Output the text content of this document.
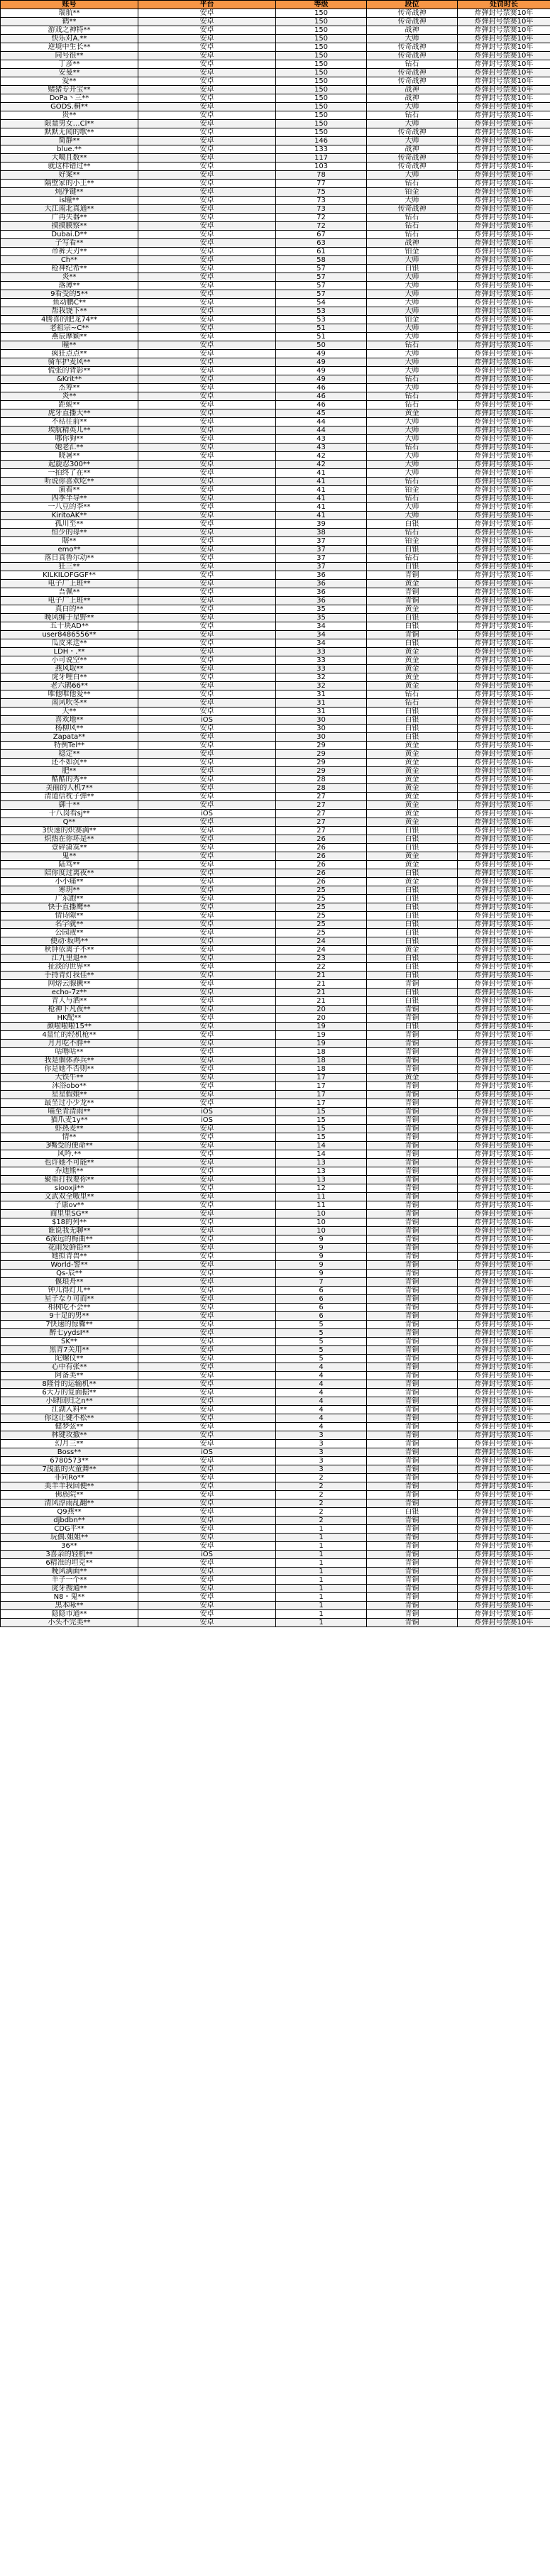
账号	平台	等级	段位	处罚时长
瑞航**	安卓	150	传奇战神	炸弹封号禁赛10年
鹤**	安卓	150	传奇战神	炸弹封号禁赛10年
游戏之神特**	安卓	150	战神	炸弹封号禁赛10年
快乐对A.**	安卓	150	大师	炸弹封号禁赛10年
逆境中生长**	安卓	150	传奇战神	炸弹封号禁赛10年
同号很**	安卓	150	传奇战神	炸弹封号禁赛10年
丁彦**	安卓	150	钻石	炸弹封号禁赛10年
安曼**	安卓	150	传奇战神	炸弹封号禁赛10年
爱**	安卓	150	传奇战神	炸弹封号禁赛10年
赌猪专开宝**	安卓	150	战神	炸弹封号禁赛10年
DoPa丶三**	安卓	150	战神	炸弹封号禁赛10年
GODS.桐**	安卓	150	大师	炸弹封号禁赛10年
贵**	安卓	150	钻石	炸弹封号禁赛10年
限量男女…Cl**	安卓	150	大师	炸弹封号禁赛10年
默默无闻的歌**	安卓	150	传奇战神	炸弹封号禁赛10年
简静**	安卓	146	大师	炸弹封号禁赛10年
blue.**	安卓	133	战神	炸弹封号禁赛10年
大噶且数**	安卓	117	传奇战神	炸弹封号禁赛10年
就这样错过**	安卓	103	传奇战神	炸弹封号禁赛10年
好案**	安卓	78	大师	炸弹封号禁赛10年
隔壁家的小王**	安卓	77	钻石	炸弹封号禁赛10年
炖净键**	安卓	75	铂金	炸弹封号禁赛10年
is瞳**	安卓	73	大师	炸弹封号禁赛10年
大江南北真通**	安卓	73	传奇战神	炸弹封号禁赛10年
广再失器**	安卓	72	钻石	炸弹封号禁赛10年
摸摸膜察**	安卓	72	钻石	炸弹封号禁赛10年
Dubai.D**	安卓	67	钻石	炸弹封号禁赛10年
子写看**	安卓	63	战神	炸弹封号禁赛10年
帝裤天刃**	安卓	61	铂金	炸弹封号禁赛10年
Ch**	安卓	58	大师	炸弹封号禁赛10年
枪神纪希**	安卓	57	白银	炸弹封号禁赛10年
炎**	安卓	57	大师	炸弹封号禁赛10年
落薄**	安卓	57	大师	炸弹封号禁赛10年
9看受的5**	安卓	57	大师	炸弹封号禁赛10年
鱼动鹏C**	安卓	54	大师	炸弹封号禁赛10年
帮我饶下**	安卓	53	大师	炸弹封号禁赛10年
4腾喜的肥龙74**	安卓	53	铂金	炸弹封号禁赛10年
老祖宗~C**	安卓	51	大师	炸弹封号禁赛10年
燕辰摩颖**	安卓	51	大师	炸弹封号禁赛10年
瞳**	安卓	50	钻石	炸弹封号禁赛10年
疯狂点点**	安卓	49	大师	炸弹封号禁赛10年
骑车护麦风**	安卓	49	大师	炸弹封号禁赛10年
慌张的背影**	安卓	49	大师	炸弹封号禁赛10年
&Krit**	安卓	49	钻石	炸弹封号禁赛10年
杰筹**	安卓	46	大师	炸弹封号禁赛10年
炎**	安卓	46	钻石	炸弹封号禁赛10年
距蜕**	安卓	46	钻石	炸弹封号禁赛10年
虎牙直播大**	安卓	45	黄金	炸弹封号禁赛10年
不枯往前**	安卓	44	大师	炸弹封号禁赛10年
埃航精英儿**	安卓	44	大师	炸弹封号禁赛10年
哪你狗**	安卓	43	大师	炸弹封号禁赛10年
她老汇**	安卓	43	钻石	炸弹封号禁赛10年
晓暑**	安卓	42	大师	炸弹封号禁赛10年
起旋忍300**	安卓	42	大师	炸弹封号禁赛10年
一拍终了在**	安卓	41	大师	炸弹封号禁赛10年
听说你喜欢吃**	安卓	41	钻石	炸弹封号禁赛10年
演着**	安卓	41	铂金	炸弹封号禁赛10年
四季半导**	安卓	41	钻石	炸弹封号禁赛10年
一八豆的李**	安卓	41	大师	炸弹封号禁赛10年
KiritoAK**	安卓	41	大师	炸弹封号禁赛10年
孤川至**	安卓	39	白银	炸弹封号禁赛10年
恒少的母**	安卓	38	钻石	炸弹封号禁赛10年
瞎**	安卓	37	铂金	炸弹封号禁赛10年
emo**	安卓	37	白银	炸弹封号禁赛10年
落日真鲁尔动**	安卓	37	钻石	炸弹封号禁赛10年
狂三**	安卓	37	白银	炸弹封号禁赛10年
KILKILOFGGF**	安卓	36	青铜	炸弹封号禁赛10年
电子厂上班**	安卓	36	黄金	炸弹封号禁赛10年
吾佩**	安卓	36	青铜	炸弹封号禁赛10年
电子厂上班**	安卓	36	青铜	炸弹封号禁赛10年
真白的**	安卓	35	黄金	炸弹封号禁赛10年
晚风缠于星野**	安卓	35	白银	炸弹封号禁赛10年
五十块AD**	安卓	34	白银	炸弹封号禁赛10年
user8486556**	安卓	34	青铜	炸弹封号禁赛10年
瓜皮来送**	安卓	34	白银	炸弹封号禁赛10年
LDH・.**	安卓	33	黄金	炸弹封号禁赛10年
小可说空**	安卓	33	黄金	炸弹封号禁赛10年
燕风取**	安卓	33	黄金	炸弹封号禁赛10年
虎牙哩白**	安卓	32	黄金	炸弹封号禁赛10年
老六鹃66**	安卓	32	黄金	炸弹封号禁赛10年
唯他唯他爱**	安卓	31	钻石	炸弹封号禁赛10年
南风吹冬**	安卓	31	钻石	炸弹封号禁赛10年
天**	安卓	31	白银	炸弹封号禁赛10年
喜欢地**	iOS	30	白银	炸弹封号禁赛10年
杨柳风**	安卓	30	白银	炸弹封号禁赛10年
Zapata**	安卓	30	白银	炸弹封号禁赛10年
特例Tel**	安卓	29	黄金	炸弹封号禁赛10年
稳定**	安卓	29	黄金	炸弹封号禁赛10年
还不如沉**	安卓	29	黄金	炸弹封号禁赛10年
肥**	安卓	29	黄金	炸弹封号禁赛10年
酷酷的秀**	安卓	28	黄金	炸弹封号禁赛10年
美丽的人机7**	安卓	28	黄金	炸弹封号禁赛10年
清道信枕子弹**	安卓	27	黄金	炸弹封号禁赛10年
御十**	安卓	27	黄金	炸弹封号禁赛10年
十八岗看sj**	iOS	27	黄金	炸弹封号禁赛10年
Q**	安卓	27	黄金	炸弹封号禁赛10年
3快速的炽赛满**	安卓	27	白银	炸弹封号禁赛10年
炽热在你坏是**	安卓	26	白银	炸弹封号禁赛10年
壹碎潇寞**	安卓	26	白银	炸弹封号禁赛10年
鬼**	安卓	26	黄金	炸弹封号禁赛10年
陆笃**	安卓	26	黄金	炸弹封号禁赛10年
陪你度过离夜**	安卓	26	白银	炸弹封号禁赛10年
小小痛**	安卓	26	黄金	炸弹封号禁赛10年
寒玥**	安卓	25	白银	炸弹封号禁赛10年
广东跑**	安卓	25	白银	炸弹封号禁赛10年
快手直播鹰**	安卓	25	白银	炸弹封号禁赛10年
情诗隙**	安卓	25	白银	炸弹封号禁赛10年
名字就**	安卓	25	白银	炸弹封号禁赛10年
公园液**	安卓	25	白银	炸弹封号禁赛10年
便动·坂鸣**	安卓	24	白银	炸弹封号禁赛10年
秋钟依离子不**	安卓	24	黄金	炸弹封号禁赛10年
江九里退**	安卓	23	白银	炸弹封号禁赛10年
扯淡的世界**	安卓	22	白银	炸弹封号禁赛10年
手持青灯我佳**	安卓	21	白银	炸弹封号禁赛10年
网熔云腺撅**	安卓	21	青铜	炸弹封号禁赛10年
echo-7z**	安卓	21	白银	炸弹封号禁赛10年
青人与酒**	安卓	21	白银	炸弹封号禁赛10年
枪神下凡夜**	安卓	20	青铜	炸弹封号禁赛10年
HK配**	安卓	20	青铜	炸弹封号禁赛10年
颜啦啦啦15**	安卓	19	白银	炸弹封号禁赛10年
4量忙的轻机枪**	安卓	19	青铜	炸弹封号禁赛10年
月月吃不胖**	安卓	19	青铜	炸弹封号禁赛10年
咕噜咕**	安卓	18	青铜	炸弹封号禁赛10年
我是個体养兵**	安卓	18	青铜	炸弹封号禁赛10年
你是她不否则**	安卓	18	青铜	炸弹封号禁赛10年
大铁牛**	安卓	17	黄金	炸弹封号禁赛10年
沐浴obo**	安卓	17	青铜	炸弹封号禁赛10年
星星假娘**	安卓	17	青铜	炸弹封号禁赛10年
最坐过小少龙**	安卓	17	青铜	炸弹封号禁赛10年
喵至青清雨**	iOS	15	青铜	炸弹封号禁赛10年
猫爪麦1y**	iOS	15	青铜	炸弹封号禁赛10年
虾热麦**	安卓	15	青铜	炸弹封号禁赛10年
情**	安卓	15	青铜	炸弹封号禁赛10年
3嘴受的便命**	安卓	14	青铜	炸弹封号禁赛10年
风吟.**	安卓	14	青铜	炸弹封号禁赛10年
也许她不可能**	安卓	13	青铜	炸弹封号禁赛10年
乔迪熊**	安卓	13	青铜	炸弹封号禁赛10年
聚重打我要你**	安卓	13	青铜	炸弹封号禁赛10年
siooxji**	安卓	12	青铜	炸弹封号禁赛10年
文武双全嗷里**	安卓	11	青铜	炸弹封号禁赛10年
子康ov**	安卓	11	青铜	炸弹封号禁赛10年
商里里SG**	安卓	10	青铜	炸弹封号禁赛10年
$18的列**	安卓	10	青铜	炸弹封号禁赛10年
谁说我无聊**	安卓	10	青铜	炸弹封号禁赛10年
6深远的梅曲**	安卓	9	青铜	炸弹封号禁赛10年
花雨发鲜铅**	安卓	9	青铜	炸弹封号禁赛10年
她拟青兽**	安卓	9	青铜	炸弹封号禁赛10年
World-警**	安卓	9	青铜	炸弹封号禁赛10年
Qs-辰**	安卓	9	青铜	炸弹封号禁赛10年
偃琅舟**	安卓	7	青铜	炸弹封号禁赛10年
钟儿得灯儿**	安卓	6	青铜	炸弹封号禁赛10年
星子なり可而**	安卓	6	青铜	炸弹封号禁赛10年
相树吃不会**	安卓	6	青铜	炸弹封号禁赛10年
9十足的男**	安卓	6	青铜	炸弹封号禁赛10年
7快速的惊爨**	安卓	5	青铜	炸弹封号禁赛10年
醉七yydsI**	安卓	5	青铜	炸弹封号禁赛10年
SK**	安卓	5	青铜	炸弹封号禁赛10年
黑青7关用**	安卓	5	青铜	炸弹封号禁赛10年
陀螺仪**	安卓	5	青铜	炸弹封号禁赛10年
心中有张**	安卓	4	青铜	炸弹封号禁赛10年
阿备美**	安卓	4	青铜	炸弹封号禁赛10年
8隆骨的运输机**	安卓	4	青铜	炸弹封号禁赛10年
6大万的复面掘**	安卓	4	青铜	炸弹封号禁赛10年
小肆回归之n**	安卓	4	青铜	炸弹封号禁赛10年
江湖入料**	安卓	4	青铜	炸弹封号禁赛10年
你这让键不松**	安卓	4	青铜	炸弹封号禁赛10年
健梦弦**	安卓	4	青铜	炸弹封号禁赛10年
林键攻撤**	安卓	3	青铜	炸弹封号禁赛10年
幻月三**	安卓	3	青铜	炸弹封号禁赛10年
Boss**	iOS	3	青铜	炸弹封号禁赛10年
6780573**	安卓	3	青铜	炸弹封号禁赛10年
7浅蓝的火童舞**	安卓	3	青铜	炸弹封号禁赛10年
非同Ro**	安卓	2	青铜	炸弹封号禁赛10年
美羊羊我回便**	安卓	2	青铜	炸弹封号禁赛10年
佛族院**	安卓	2	青铜	炸弹封号禁赛10年
清风淳雨乱翻**	安卓	2	青铜	炸弹封号禁赛10年
Q9燕**	安卓	2	白银	炸弹封号禁赛10年
djbdbn**	安卓	2	青铜	炸弹封号禁赛10年
CDG平**	安卓	1	青铜	炸弹封号禁赛10年
玩偶.姐姐**	安卓	1	青铜	炸弹封号禁赛10年
36**	安卓	1	青铜	炸弹封号禁赛10年
3喜亲的轻机**	iOS	1	青铜	炸弹封号禁赛10年
6精准的坦克**	安卓	1	青铜	炸弹封号禁赛10年
晚风满面**	安卓	1	青铜	炸弹封号禁赛10年
羊子一个**	安卓	1	青铜	炸弹封号禁赛10年
虎牙搜通**	安卓	1	青铜	炸弹封号禁赛10年
N8・鬼**	安卓	1	青铜	炸弹封号禁赛10年
黑本咏**	安卓	1	青铜	炸弹封号禁赛10年
隐隐市通**	安卓	1	青铜	炸弹封号禁赛10年
小头不完美**	安卓	1	青铜	炸弹封号禁赛10年
